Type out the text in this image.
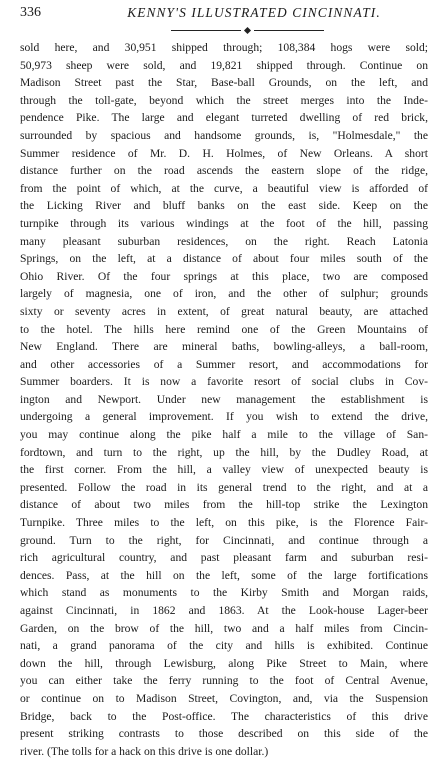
336	KENNY'S ILLUSTRATED CINCINNATI.

sold here, and 30,951 shipped through; 108,384 hogs were sold;
50,973 sheep were sold, and 19,821 shipped through. Continue on
Madison Street past the Star, Base-ball Grounds, on the left, and
through the toll-gate, beyond which the street merges into the Inde-
pendence Pike. The large and elegant turreted dwelling of red brick,
surrounded by spacious and handsome grounds, is, "Holmesdale," the
Summer residence of Mr. D. H. Holmes, of New Orleans. A short
distance further on the road ascends the eastern slope of the ridge,
from the point of which, at the curve, a beautiful view is afforded of
the Licking River and bluff banks on the east side. Keep on the
turnpike through its various windings at the foot of the hill, passing
many pleasant suburban residences, on the right. Reach Latonia
Springs, on the left, at a distance of about four miles south of the
Ohio River. Of the four springs at this place, two are composed
largely of magnesia, one of iron, and the other of sulphur; grounds
sixty or seventy acres in extent, of great natural beauty, are attached
to the hotel. The hills here remind one of the Green Mountains of
New England. There are mineral baths, bowling-alleys, a ball-room,
and other accessories of a Summer resort, and accommodations for
Summer boarders. It is now a favorite resort of social clubs in Cov-
ington and Newport. Under new management the establishment is
undergoing a general improvement. If you wish to extend the drive,
you may continue along the pike half a mile to the village of San-
fordtown, and turn to the right, up the hill, by the Dudley Road, at
the first corner. From the hill, a valley view of unexpected beauty is
presented. Follow the road in its general trend to the right, and at a
distance of about two miles from the hill-top strike the Lexington
Turnpike. Three miles to the left, on this pike, is the Florence Fair-
ground. Turn to the right, for Cincinnati, and continue through a
rich agricultural country, and past pleasant farm and suburban resi-
dences. Pass, at the hill on the left, some of the large fortifications
which stand as monuments to the Kirby Smith and Morgan raids,
against Cincinnati, in 1862 and 1863. At the Look-house Lager-beer
Garden, on the brow of the hill, two and a half miles from Cincin-
nati, a grand panorama of the city and hills is exhibited. Continue
down the hill, through Lewisburg, along Pike Street to Main, where
you can either take the ferry running to the foot of Central Avenue,
or continue on to Madison Street, Covington, and, via the Suspension
Bridge, back to the Post-office. The characteristics of this drive
present striking contrasts to those described on this side of the
river. (The tolls for a hack on this drive is one dollar.)
